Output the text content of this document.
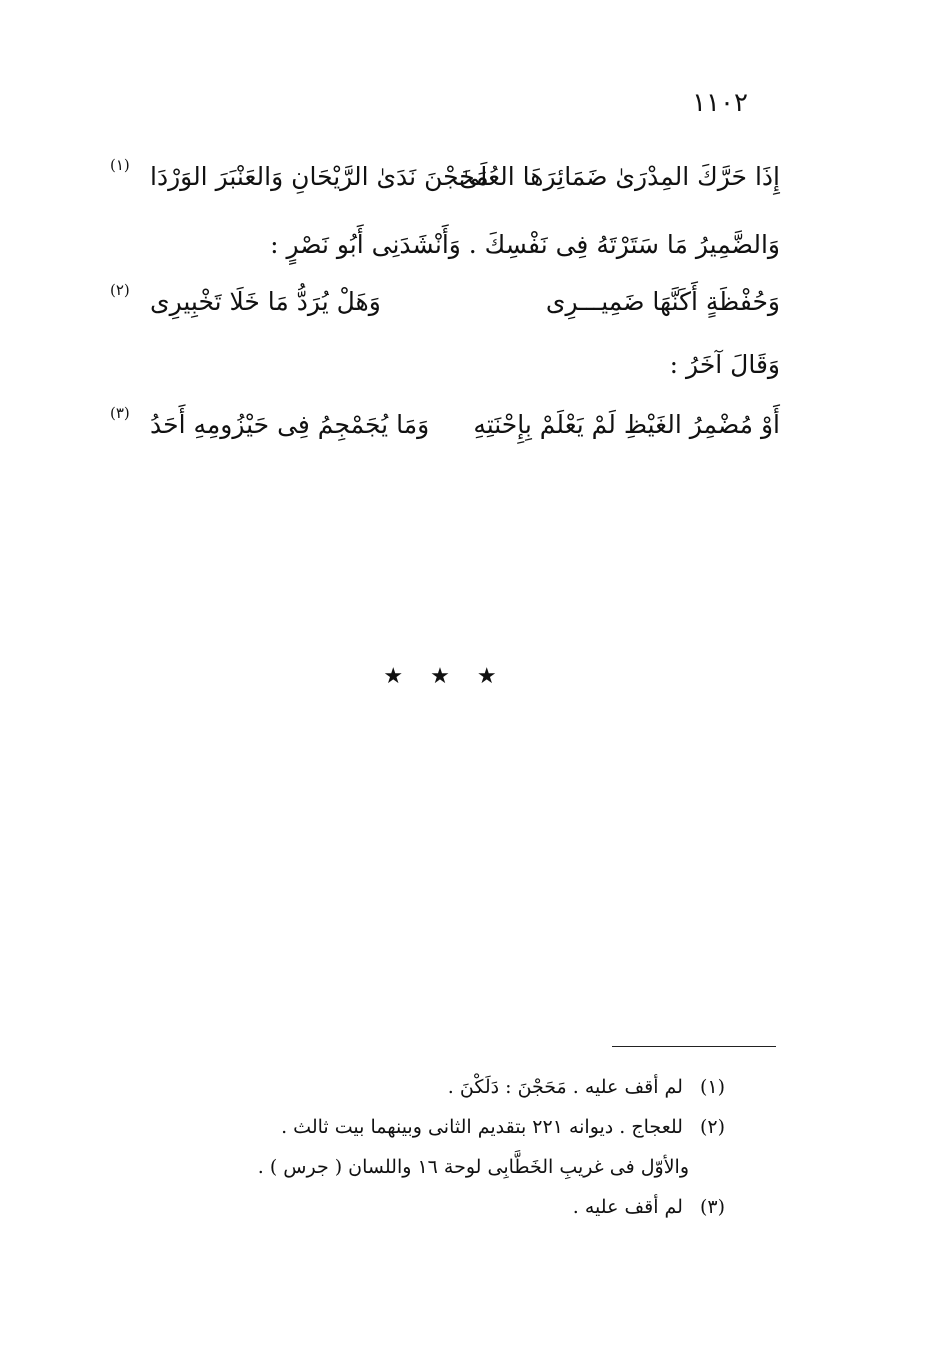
١١٠٢
إِذَا حَرَّكَ المِدْرَىٰ ضَمَائِرَهَا العُلَىٰ
مَحَجْنَ نَدَىٰ الرَّيْحَانِ وَالعَنْبَرَ الوَرْدَا
(١)
وَالضَّمِيرُ مَا سَتَرْتَهُ فِى نَفْسِكَ . وَأَنْشَدَنِى أَبُو نَصْرٍ :
وَحُفْظَةٍ أَكَنَّهَا ضَمِيـــرِى
وَهَلْ يُرَدُّ مَا خَلَا تَخْبِيرِى
(٢)
وَقَالَ آخَرُ :
أَوْ مُضْمِرُ الغَيْظِ لَمْ يَعْلَمْ بِإِحْنَتِهِ
وَمَا يُجَمْجِمُ فِى حَيْزُومِهِ أَحَدُ
(٣)
★ ★ ★
(١) لم أقف عليه . مَحَجْنَ : دَلَكْنَ .
(٢) للعجاج . ديوانه ٢٢١ بتقديم الثانى وبينهما بيت ثالث .
والأوّل فى غريبِ الخَطَّابِى لوحة ١٦ واللسان ( جرس ) .
(٣) لم أقف عليه .
